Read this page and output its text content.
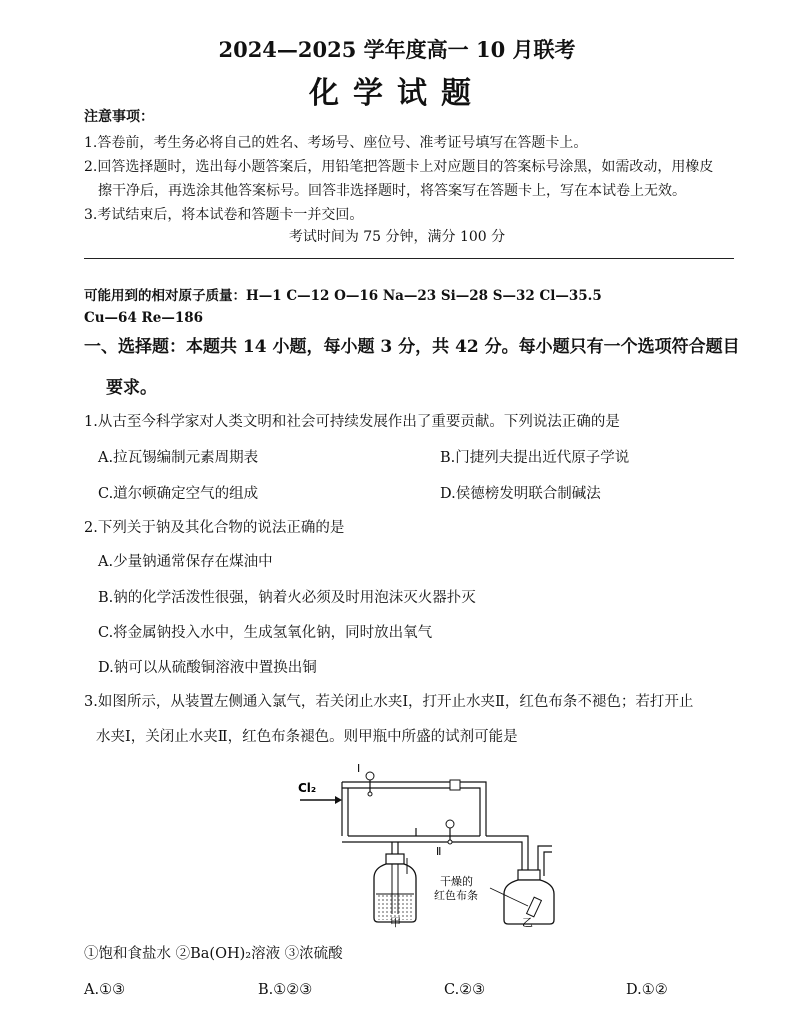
2024—2025 学年度高一 10 月联考
化学试题
注意事项：
1.答卷前，考生务必将自己的姓名、考场号、座位号、准考证号填写在答题卡上。
2.回答选择题时，选出每小题答案后，用铅笔把答题卡上对应题目的答案标号涂黑，如需改动，用橡皮
擦干净后，再选涂其他答案标号。回答非选择题时，将答案写在答题卡上，写在本试卷上无效。
3.考试结束后，将本试卷和答题卡一并交回。
考试时间为 75 分钟，满分 100 分
可能用到的相对原子质量：H—1 C—12 O—16 Na—23 Si—28 S—32 Cl—35.5
Cu—64 Re—186
一、选择题：本题共 14 小题，每小题 3 分，共 42 分。每小题只有一个选项符合题目
要求。
1.从古至今科学家对人类文明和社会可持续发展作出了重要贡献。下列说法正确的是
A.拉瓦锡编制元素周期表	B.门捷列夫提出近代原子学说
C.道尔顿确定空气的组成	D.侯德榜发明联合制碱法
2.下列关于钠及其化合物的说法正确的是
A.少量钠通常保存在煤油中
B.钠的化学活泼性很强，钠着火必须及时用泡沫灭火器扑灭
C.将金属钠投入水中，生成氢氧化钠，同时放出氧气
D.钠可以从硫酸铜溶液中置换出铜
3.如图所示，从装置左侧通入氯气，若关闭止水夹Ⅰ，打开止水夹Ⅱ，红色布条不褪色；若打开止
水夹Ⅰ，关闭止水夹Ⅱ，红色布条褪色。则甲瓶中所盛的试剂可能是
Cl₂
Ⅰ
Ⅱ
甲
干燥的
红色布条
乙
①饱和食盐水 ②Ba(OH)₂溶液 ③浓硫酸
A.①③	B.①②③	C.②③	D.①②
